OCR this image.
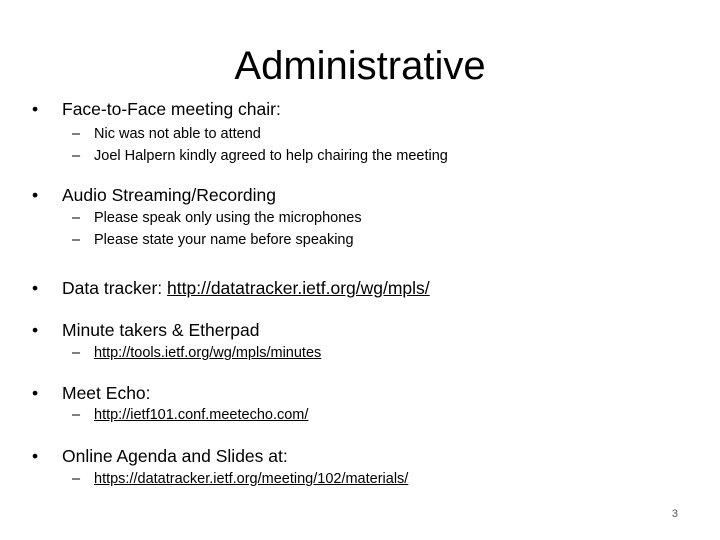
Administrative
• Face-to-Face meeting chair:
– Nic was not able to attend
– Joel Halpern kindly agreed to help chairing the meeting
• Audio Streaming/Recording
– Please speak only using the microphones
– Please state your name before speaking
• Data tracker: http://datatracker.ietf.org/wg/mpls/
• Minute takers & Etherpad
– http://tools.ietf.org/wg/mpls/minutes
• Meet Echo:
– http://ietf101.conf.meetecho.com/
• Online Agenda and Slides at:
– https://datatracker.ietf.org/meeting/102/materials/
3
